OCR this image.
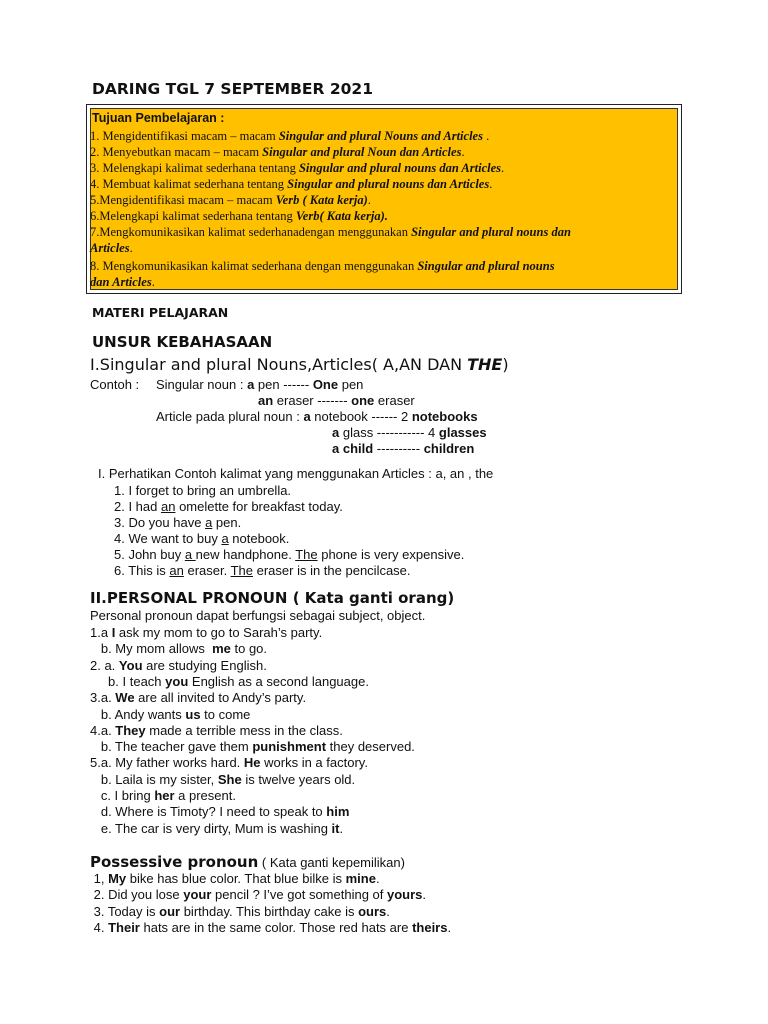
DARING TGL 7 SEPTEMBER 2021
Tujuan Pembelajaran :
1. Mengidentifikasi macam – macam Singular and plural Nouns and Articles .
2. Menyebutkan macam – macam Singular and plural Noun dan Articles.
3. Melengkapi kalimat sederhana tentang Singular and plural nouns dan Articles.
4. Membuat kalimat sederhana tentang Singular and plural nouns dan Articles.
5.Mengidentifikasi macam – macam Verb ( Kata kerja).
6.Melengkapi kalimat sederhana tentang Verb( Kata kerja).
7.Mengkomunikasikan kalimat sederhanadengan menggunakan Singular and plural nouns dan
Articles.
8. Mengkomunikasikan kalimat sederhana dengan menggunakan Singular and plural nouns
dan Articles.
MATERI PELAJARAN
UNSUR KEBAHASAAN
I.Singular and plural Nouns,Articles( A,AN DAN THE)
Contoh : Singular noun : a pen ------ One pen
an eraser ------- one eraser
Article pada plural noun : a notebook ------ 2 notebooks
a glass ----------- 4 glasses
a child ---------- children
I. Perhatikan Contoh kalimat yang menggunakan Articles : a, an , the
1. I forget to bring an umbrella.
2. I had an omelette for breakfast today.
3. Do you have a pen.
4. We want to buy a notebook.
5. John buy a new handphone. The phone is very expensive.
6. This is an eraser. The eraser is in the pencilcase.
II.PERSONAL PRONOUN ( Kata ganti orang)
Personal pronoun dapat berfungsi sebagai subject, object.
1.a I ask my mom to go to Sarah’s party.
b. My mom allows  me to go.
2. a. You are studying English.
b. I teach you English as a second language.
3.a. We are all invited to Andy’s party.
b. Andy wants us to come
4.a. They made a terrible mess in the class.
b. The teacher gave them punishment they deserved.
5.a. My father works hard. He works in a factory.
b. Laila is my sister, She is twelve years old.
c. I bring her a present.
d. Where is Timoty? I need to speak to him
e. The car is very dirty, Mum is washing it.
Possessive pronoun ( Kata ganti kepemilikan)
1, My bike has blue color. That blue bilke is mine.
2. Did you lose your pencil ? I’ve got something of yours.
3. Today is our birthday. This birthday cake is ours.
4. Their hats are in the same color. Those red hats are theirs.
